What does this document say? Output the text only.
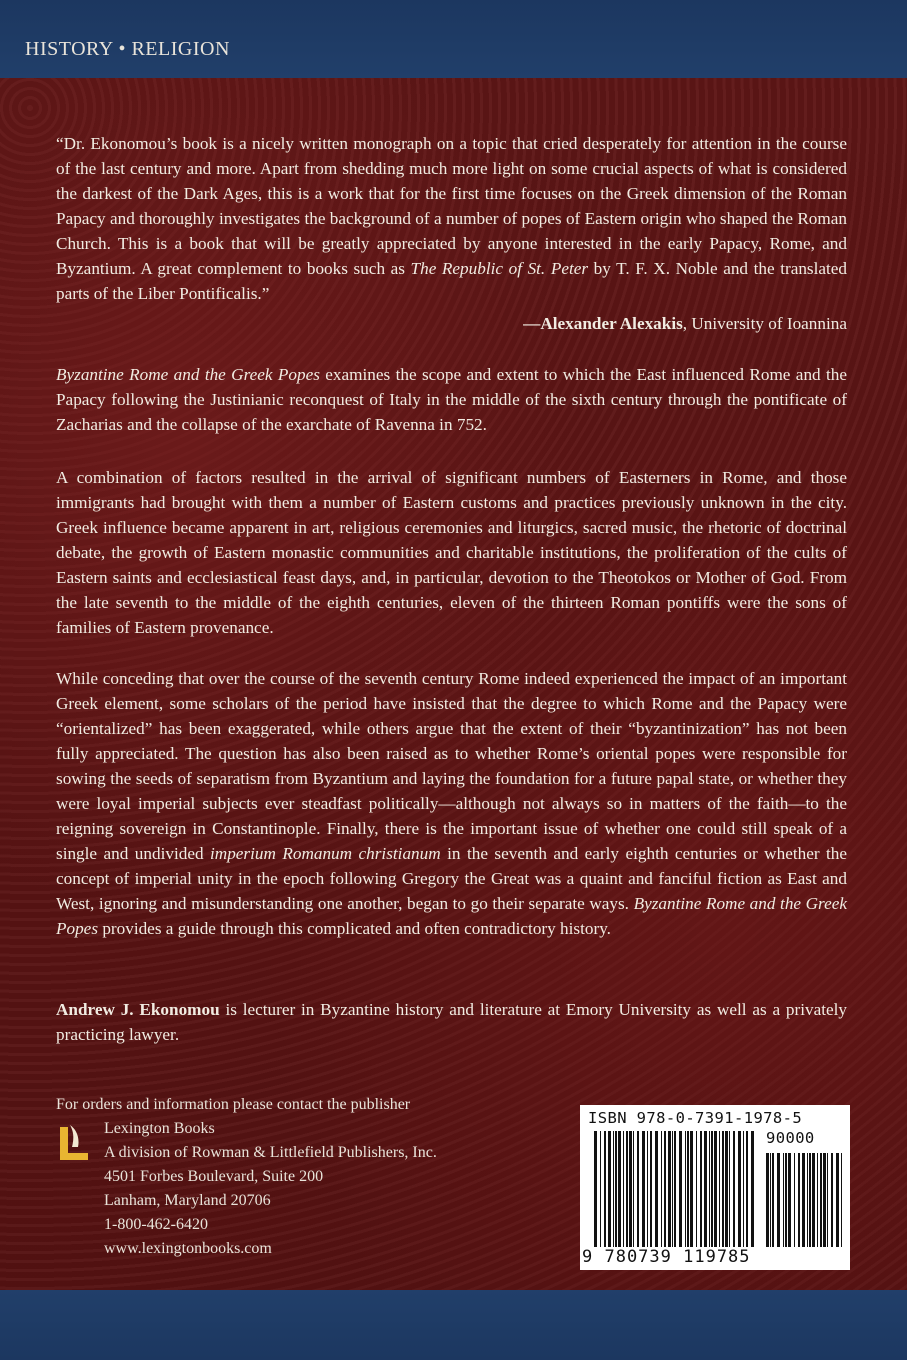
HISTORY • RELIGION

“Dr. Ekonomou’s book is a nicely written monograph on a topic that cried desperately for attention in the course of the last century and more. Apart from shedding much more light on some crucial aspects of what is considered the darkest of the Dark Ages, this is a work that for the first time focuses on the Greek dimension of the Roman Papacy and thoroughly investigates the background of a number of popes of Eastern origin who shaped the Roman Church. This is a book that will be greatly appreciated by anyone interested in the early Papacy, Rome, and Byzantium. A great complement to books such as The Republic of St. Peter by T. F. X. Noble and the translated parts of the Liber Pontificalis.”

—Alexander Alexakis, University of Ioannina

Byzantine Rome and the Greek Popes examines the scope and extent to which the East influenced Rome and the Papacy following the Justinianic reconquest of Italy in the middle of the sixth century through the pontificate of Zacharias and the collapse of the exarchate of Ravenna in 752.

A combination of factors resulted in the arrival of significant numbers of Easterners in Rome, and those immigrants had brought with them a number of Eastern customs and practices previously unknown in the city. Greek influence became apparent in art, religious ceremonies and liturgics, sacred music, the rhetoric of doctrinal debate, the growth of Eastern monastic communities and charitable institutions, the proliferation of the cults of Eastern saints and ecclesiastical feast days, and, in particular, devotion to the Theotokos or Mother of God. From the late seventh to the middle of the eighth centuries, eleven of the thirteen Roman pontiffs were the sons of families of Eastern provenance.

While conceding that over the course of the seventh century Rome indeed experienced the impact of an important Greek element, some scholars of the period have insisted that the degree to which Rome and the Papacy were “orientalized” has been exaggerated, while others argue that the extent of their “byzantinization” has not been fully appreciated. The question has also been raised as to whether Rome’s oriental popes were responsible for sowing the seeds of separatism from Byzantium and laying the foundation for a future papal state, or whether they were loyal imperial subjects ever steadfast politically—although not always so in matters of the faith—to the reigning sovereign in Constantinople. Finally, there is the important issue of whether one could still speak of a single and undivided imperium Romanum christianum in the seventh and early eighth centuries or whether the concept of imperial unity in the epoch following Gregory the Great was a quaint and fanciful fiction as East and West, ignoring and misunderstanding one another, began to go their separate ways. Byzantine Rome and the Greek Popes provides a guide through this complicated and often contradictory history.

Andrew J. Ekonomou is lecturer in Byzantine history and literature at Emory University as well as a privately practicing lawyer.

For orders and information please contact the publisher
Lexington Books
A division of Rowman & Littlefield Publishers, Inc.
4501 Forbes Boulevard, Suite 200
Lanham, Maryland 20706
1-800-462-6420
www.lexingtonbooks.com
ISBN 978-0-7391-1978-5
90000
9 780739 119785
